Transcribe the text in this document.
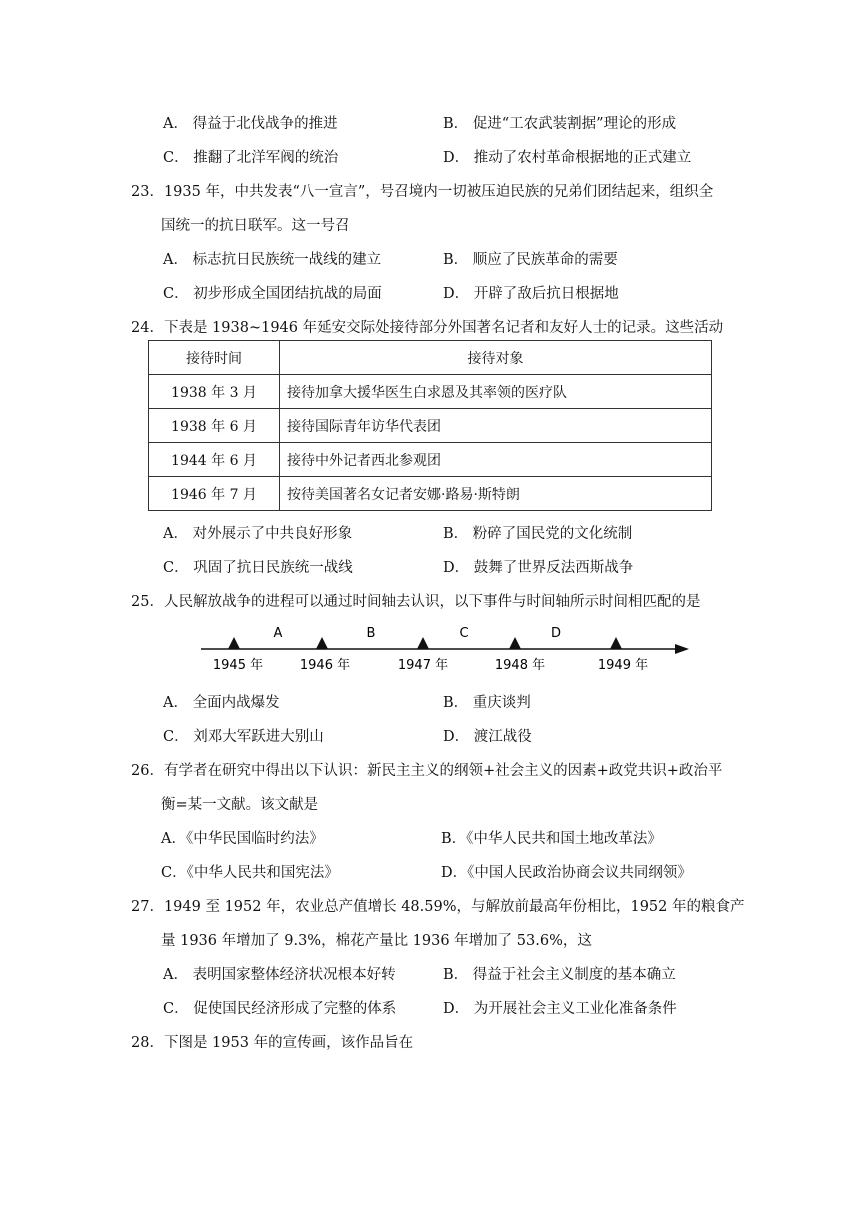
A． 得益于北伐战争的推进	B． 促进“工农武装割据”理论的形成
C． 推翻了北洋军阀的统治	D． 推动了农村革命根据地的正式建立
23．1935 年，中共发表“八一宣言”，号召境内一切被压迫民族的兄弟们团结起来，组织全
国统一的抗日联军。这一号召
A． 标志抗日民族统一战线的建立	B． 顺应了民族革命的需要
C． 初步形成全国团结抗战的局面	D． 开辟了敌后抗日根据地
24．下表是 1938~1946 年延安交际处接待部分外国著名记者和友好人士的记录。这些活动
接待时间	接待对象
1938 年 3 月	接待加拿大援华医生白求恩及其率领的医疗队
1938 年 6 月	接待国际青年访华代表团
1944 年 6 月	接待中外记者西北参观团
1946 年 7 月	按待美国著名女记者安娜·路易·斯特朗
A． 对外展示了中共良好形象	B． 粉碎了国民党的文化统制
C． 巩固了抗日民族统一战线	D． 鼓舞了世界反法西斯战争
25．人民解放战争的进程可以通过时间轴去认识，以下事件与时间轴所示时间相匹配的是
A	B	C	D
1945 年	1946 年	1947 年	1948 年	1949 年
A． 全面内战爆发	B． 重庆谈判
C． 刘邓大军跃进大别山	D． 渡江战役
26．有学者在研究中得出以下认识：新民主主义的纲领+社会主义的因素+政党共识+政治平
衡=某一文献。该文献是
A．《中华民国临时约法》	B．《中华人民共和国土地改革法》
C．《中华人民共和国宪法》	D．《中国人民政治协商会议共同纲领》
27．1949 至 1952 年，农业总产值增长 48.59%，与解放前最高年份相比，1952 年的粮食产
量 1936 年增加了 9.3%，棉花产量比 1936 年增加了 53.6%，这
A． 表明国家整体经济状况根本好转	B． 得益于社会主义制度的基本确立
C． 促使国民经济形成了完整的体系	D． 为开展社会主义工业化准备条件
28．下图是 1953 年的宣传画，该作品旨在
